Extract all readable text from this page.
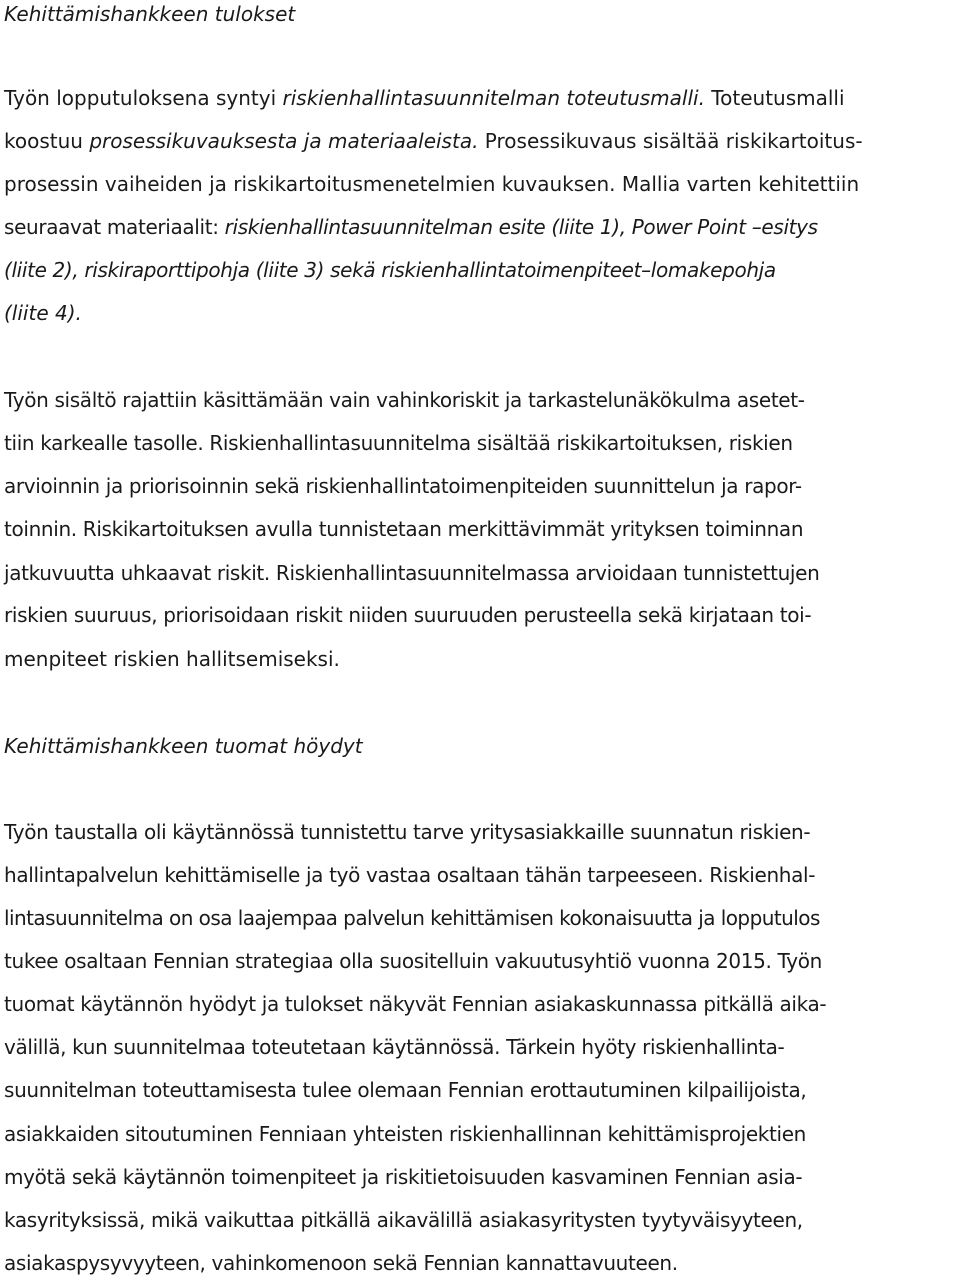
Kehittämishankkeen tulokset
Työn lopputuloksena syntyi riskienhallintasuunnitelman toteutusmalli. Toteutusmalli
koostuu prosessikuvauksesta ja materiaaleista. Prosessikuvaus sisältää riskikartoitus-
prosessin vaiheiden ja riskikartoitusmenetelmien kuvauksen. Mallia varten kehitettiin
seuraavat materiaalit: riskienhallintasuunnitelman esite (liite 1), Power Point –esitys
(liite 2), riskiraporttipohja (liite 3) sekä riskienhallintatoimenpiteet–lomakepohja
(liite 4).
Työn sisältö rajattiin käsittämään vain vahinkoriskit ja tarkastelunäkökulma asetet-
tiin karkealle tasolle. Riskienhallintasuunnitelma sisältää riskikartoituksen, riskien
arvioinnin ja priorisoinnin sekä riskienhallintatoimenpiteiden suunnittelun ja rapor-
toinnin. Riskikartoituksen avulla tunnistetaan merkittävimmät yrityksen toiminnan
jatkuvuutta uhkaavat riskit. Riskienhallintasuunnitelmassa arvioidaan tunnistettujen
riskien suuruus, priorisoidaan riskit niiden suuruuden perusteella sekä kirjataan toi-
menpiteet riskien hallitsemiseksi.
Kehittämishankkeen tuomat höydyt
Työn taustalla oli käytännössä tunnistettu tarve yritysasiakkaille suunnatun riskien-
hallintapalvelun kehittämiselle ja työ vastaa osaltaan tähän tarpeeseen. Riskienhal-
lintasuunnitelma on osa laajempaa palvelun kehittämisen kokonaisuutta ja lopputulos
tukee osaltaan Fennian strategiaa olla suositelluin vakuutusyhtiö vuonna 2015. Työn
tuomat käytännön hyödyt ja tulokset näkyvät Fennian asiakaskunnassa pitkällä aika-
välillä, kun suunnitelmaa toteutetaan käytännössä. Tärkein hyöty riskienhallinta-
suunnitelman toteuttamisesta tulee olemaan Fennian erottautuminen kilpailijoista,
asiakkaiden sitoutuminen Fenniaan yhteisten riskienhallinnan kehittämisprojektien
myötä sekä käytännön toimenpiteet ja riskitietoisuuden kasvaminen Fennian asia-
kasyrityksissä, mikä vaikuttaa pitkällä aikavälillä asiakasyritysten tyytyväisyyteen,
asiakaspysyvyyteen, vahinkomenoon sekä Fennian kannattavuuteen.
